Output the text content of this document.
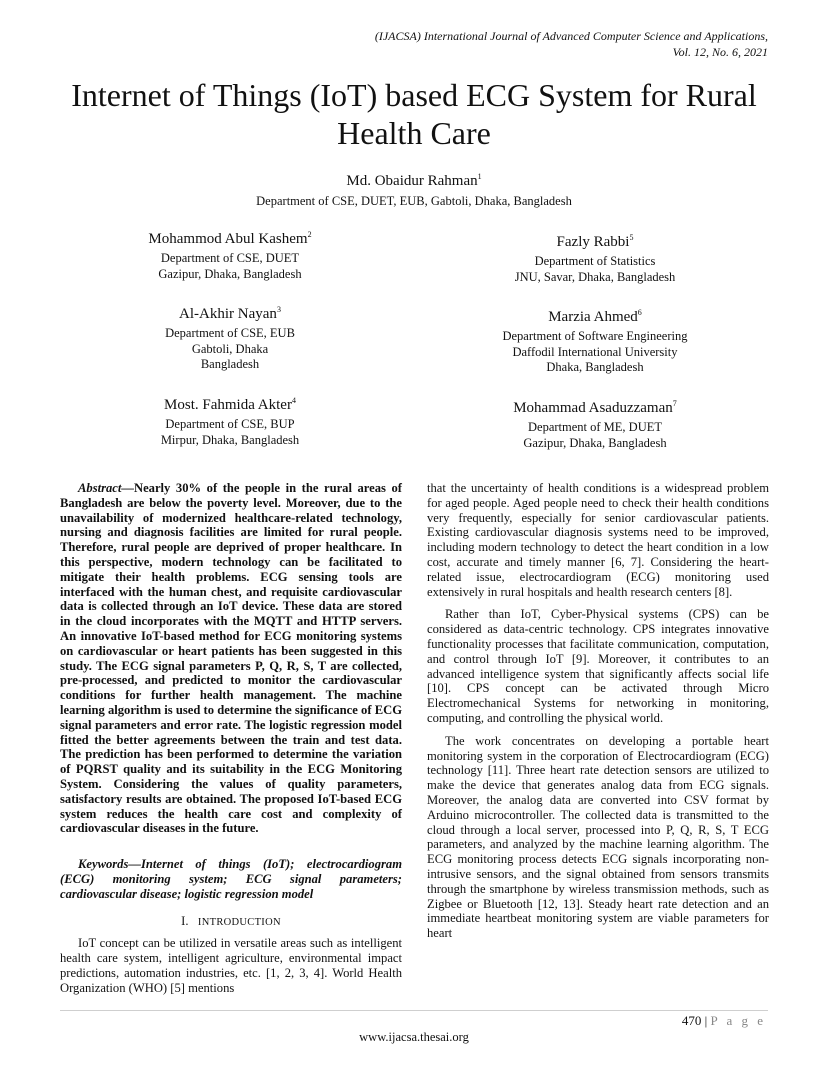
(IJACSA) International Journal of Advanced Computer Science and Applications,
Vol. 12, No. 6, 2021
Internet of Things (IoT) based ECG System for Rural
Health Care
Md. Obaidur Rahman$^1$
Department of CSE, DUET, EUB, Gabtoli, Dhaka, Bangladesh
Mohammod Abul Kashem$^2$
Department of CSE, DUET
Gazipur, Dhaka, Bangladesh
Al-Akhir Nayan$^3$
Department of CSE, EUB
Gabtoli, Dhaka
Bangladesh
Most. Fahmida Akter$^4$
Department of CSE, BUP
Mirpur, Dhaka, Bangladesh
Fazly Rabbi$^5$
Department of Statistics
JNU, Savar, Dhaka, Bangladesh
Marzia Ahmed$^6$
Department of Software Engineering
Daffodil International University
Dhaka, Bangladesh
Mohammad Asaduzzaman$^7$
Department of ME, DUET
Gazipur, Dhaka, Bangladesh

Abstract—Nearly 30% of the people in the rural areas of Bangladesh are below the poverty level. Moreover, due to the unavailability of modernized healthcare-related technology, nursing and diagnosis facilities are limited for rural people. Therefore, rural people are deprived of proper healthcare. In this perspective, modern technology can be facilitated to mitigate their health problems. ECG sensing tools are interfaced with the human chest, and requisite cardiovascular data is collected through an IoT device. These data are stored in the cloud incorporates with the MQTT and HTTP servers. An innovative IoT-based method for ECG monitoring systems on cardiovascular or heart patients has been suggested in this study. The ECG signal parameters P, Q, R, S, T are collected, pre-processed, and predicted to monitor the cardiovascular conditions for further health management. The machine learning algorithm is used to determine the significance of ECG signal parameters and error rate. The logistic regression model fitted the better agreements between the train and test data. The prediction has been performed to determine the variation of PQRST quality and its suitability in the ECG Monitoring System. Considering the values of quality parameters, satisfactory results are obtained. The proposed IoT-based ECG system reduces the health care cost and complexity of cardiovascular diseases in the future.

Keywords—Internet of things (IoT); electrocardiogram (ECG) monitoring system; ECG signal parameters; cardiovascular disease; logistic regression model

I. INTRODUCTION

IoT concept can be utilized in versatile areas such as intelligent health care system, intelligent agriculture, environmental impact predictions, automation industries, etc. [1, 2, 3, 4]. World Health Organization (WHO) [5] mentions

that the uncertainty of health conditions is a widespread problem for aged people. Aged people need to check their health conditions very frequently, especially for senior cardiovascular patients. Existing cardiovascular diagnosis systems need to be improved, including modern technology to detect the heart condition in a low cost, accurate and timely manner [6, 7]. Considering the heart-related issue, electrocardiogram (ECG) monitoring used extensively in rural hospitals and health research centers [8].

Rather than IoT, Cyber-Physical systems (CPS) can be considered as data-centric technology. CPS integrates innovative functionality processes that facilitate communication, computation, and control through IoT [9]. Moreover, it contributes to an advanced intelligence system that significantly affects social life [10]. CPS concept can be activated through Micro Electromechanical Systems for networking in monitoring, computing, and controlling the physical world.

The work concentrates on developing a portable heart monitoring system in the corporation of Electrocardiogram (ECG) technology [11]. Three heart rate detection sensors are utilized to make the device that generates analog data from ECG signals. Moreover, the analog data are converted into CSV format by Arduino microcontroller. The collected data is transmitted to the cloud through a local server, processed into P, Q, R, S, T ECG parameters, and analyzed by the machine learning algorithm. The ECG monitoring process detects ECG signals incorporating non-intrusive sensors, and the signal obtained from sensors transmits through the smartphone by wireless transmission methods, such as Zigbee or Bluetooth [12, 13]. Steady heart rate detection and an immediate heartbeat monitoring system are viable parameters for heart

470 | P a g e
www.ijacsa.thesai.org
